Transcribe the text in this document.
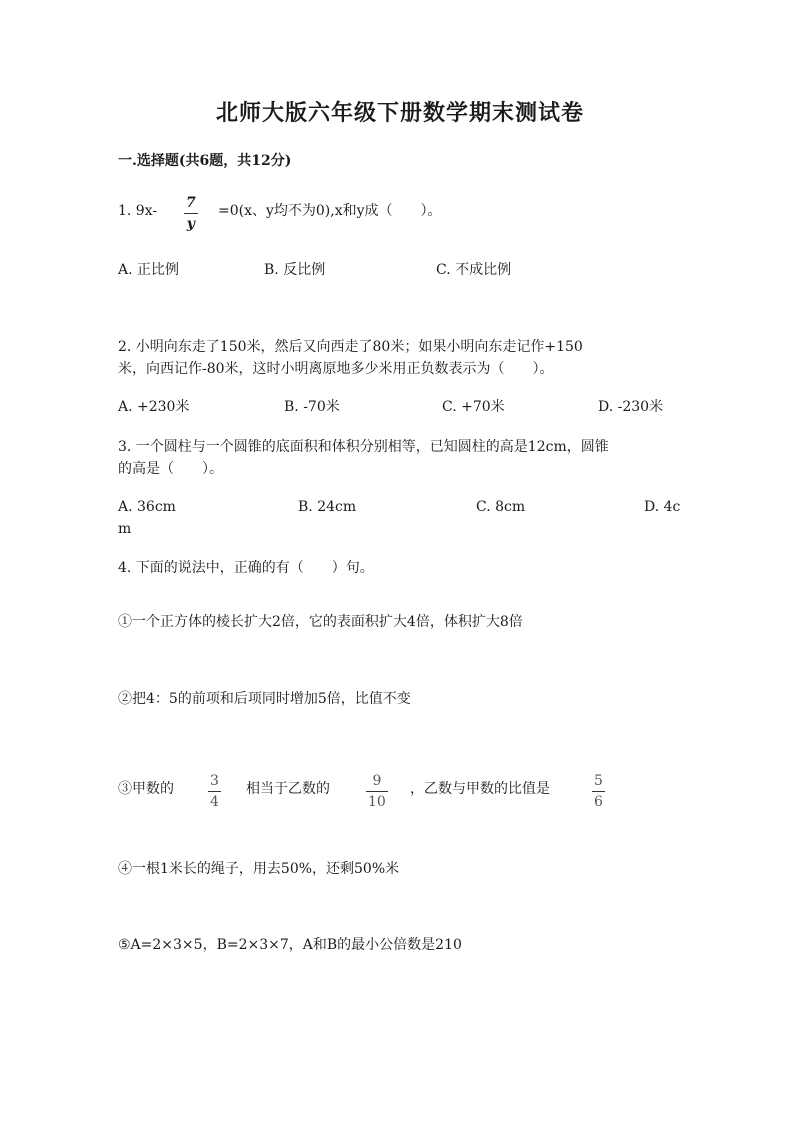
北师大版六年级下册数学期末测试卷
一.选择题(共6题，共12分)
1. 9x- 7
y
=0(x、y均不为0),x和y成（　　）。
A. 正比例	B. 反比例	C. 不成比例
2. 小明向东走了150米，然后又向西走了80米；如果小明向东走记作+150
米，向西记作-80米，这时小明离原地多少米用正负数表示为（　　）。
A. +230米	B. -70米	C. +70米	D. -230米
3. 一个圆柱与一个圆锥的底面积和体积分别相等，已知圆柱的高是12cm，圆锥
的高是（　　）。
A. 36cm	B. 24cm	C. 8cm	D. 4c
m
4. 下面的说法中，正确的有（　　）句。
①一个正方体的棱长扩大2倍，它的表面积扩大4倍，体积扩大8倍
②把4：5的前项和后项同时增加5倍，比值不变
③甲数的	3
4
相当于乙数的	9
10
，乙数与甲数的比值是	5
6
④一根1米长的绳子，用去50%，还剩50%米
⑤A=2×3×5，B=2×3×7，A和B的最小公倍数是210
